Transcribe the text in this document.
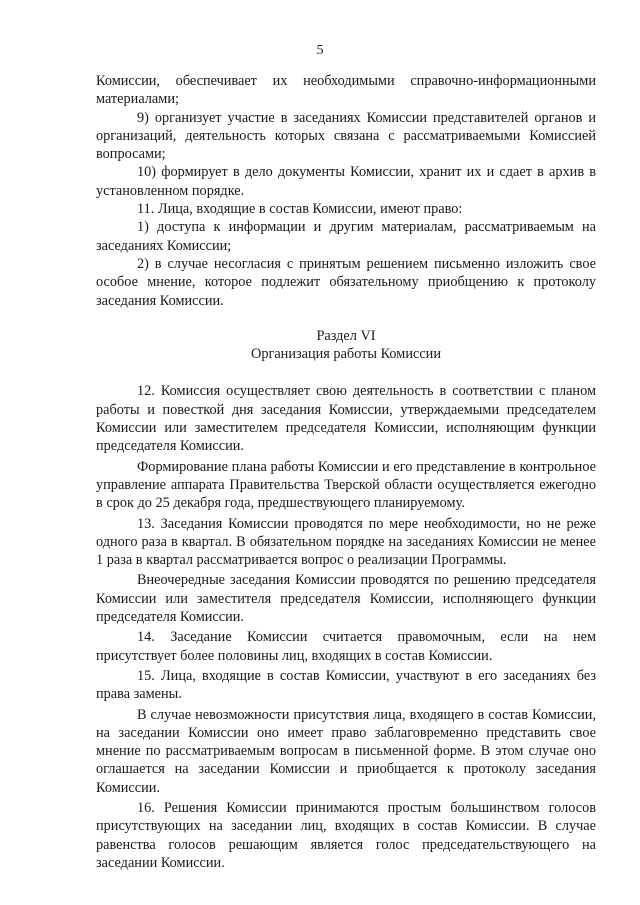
5

Комиссии, обеспечивает их необходимыми справочно-информационными материалами;

9) организует участие в заседаниях Комиссии представителей органов и организаций, деятельность которых связана с рассматриваемыми Комиссией вопросами;

10) формирует в дело документы Комиссии, хранит их и сдает в архив в установленном порядке.

11. Лица, входящие в состав Комиссии, имеют право:

1) доступа к информации и другим материалам, рассматриваемым на заседаниях Комиссии;

2) в случае несогласия с принятым решением письменно изложить свое особое мнение, которое подлежит обязательному приобщению к протоколу заседания Комиссии.

Раздел VI

Организация работы Комиссии

12. Комиссия осуществляет свою деятельность в соответствии с планом работы и повесткой дня заседания Комиссии, утверждаемыми председателем Комиссии или заместителем председателя Комиссии, исполняющим функции председателя Комиссии.

Формирование плана работы Комиссии и его представление в контрольное управление аппарата Правительства Тверской области осуществляется ежегодно в срок до 25 декабря года, предшествующего планируемому.

13. Заседания Комиссии проводятся по мере необходимости, но не реже одного раза в квартал. В обязательном порядке на заседаниях Комиссии не менее 1 раза в квартал рассматривается вопрос о реализации Программы.

Внеочередные заседания Комиссии проводятся по решению председателя Комиссии или заместителя председателя Комиссии, исполняющего функции председателя Комиссии.

14. Заседание Комиссии считается правомочным, если на нем присутствует более половины лиц, входящих в состав Комиссии.

15. Лица, входящие в состав Комиссии, участвуют в его заседаниях без права замены.

В случае невозможности присутствия лица, входящего в состав Комиссии, на заседании Комиссии оно имеет право заблаговременно представить свое мнение по рассматриваемым вопросам в письменной форме. В этом случае оно оглашается на заседании Комиссии и приобщается к протоколу заседания Комиссии.

16. Решения Комиссии принимаются простым большинством голосов присутствующих на заседании лиц, входящих в состав Комиссии. В случае равенства голосов решающим является голос председательствующего на заседании Комиссии.
